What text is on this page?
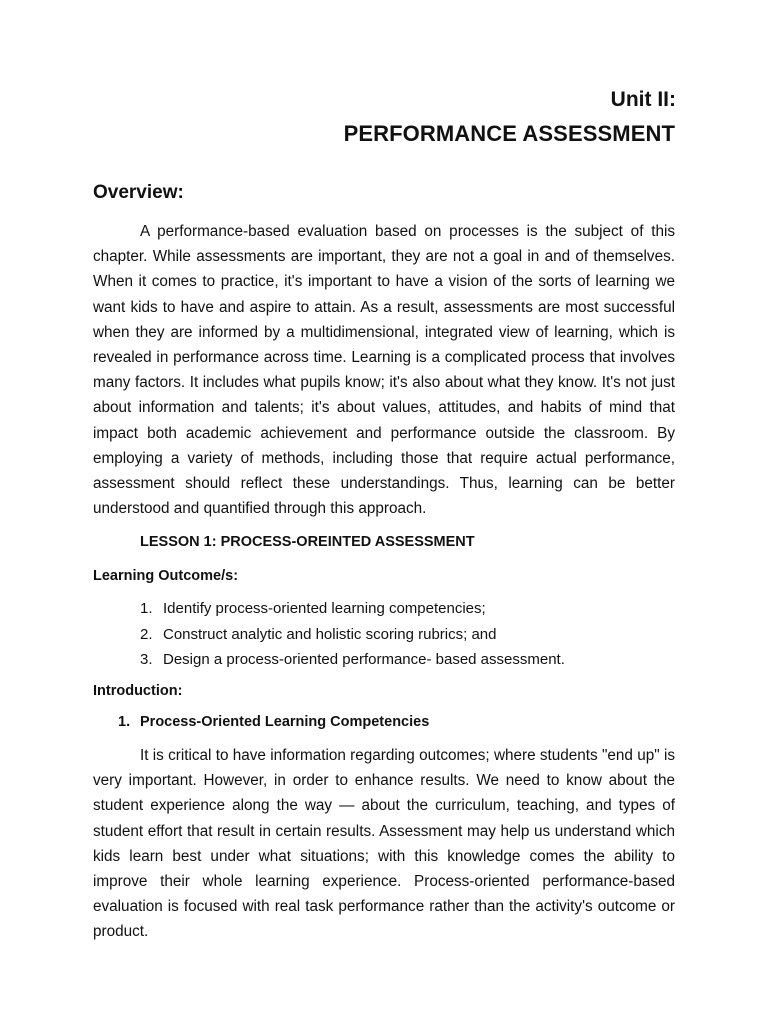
Unit II:
PERFORMANCE ASSESSMENT
Overview:

A performance-based evaluation based on processes is the subject of this chapter. While assessments are important, they are not a goal in and of themselves. When it comes to practice, it's important to have a vision of the sorts of learning we want kids to have and aspire to attain. As a result, assessments are most successful when they are informed by a multidimensional, integrated view of learning, which is revealed in performance across time. Learning is a complicated process that involves many factors. It includes what pupils know; it's also about what they know. It's not just about information and talents; it's about values, attitudes, and habits of mind that impact both academic achievement and performance outside the classroom. By employing a variety of methods, including those that require actual performance, assessment should reflect these understandings. Thus, learning can be better understood and quantified through this approach.

LESSON 1: PROCESS-OREINTED ASSESSMENT
Learning Outcome/s:
1. Identify process-oriented learning competencies;
2. Construct analytic and holistic scoring rubrics; and
3. Design a process-oriented performance- based assessment.
Introduction:
1. Process-Oriented Learning Competencies

It is critical to have information regarding outcomes; where students "end up" is very important. However, in order to enhance results. We need to know about the student experience along the way — about the curriculum, teaching, and types of student effort that result in certain results. Assessment may help us understand which kids learn best under what situations; with this knowledge comes the ability to improve their whole learning experience. Process-oriented performance-based evaluation is focused with real task performance rather than the activity's outcome or product.
